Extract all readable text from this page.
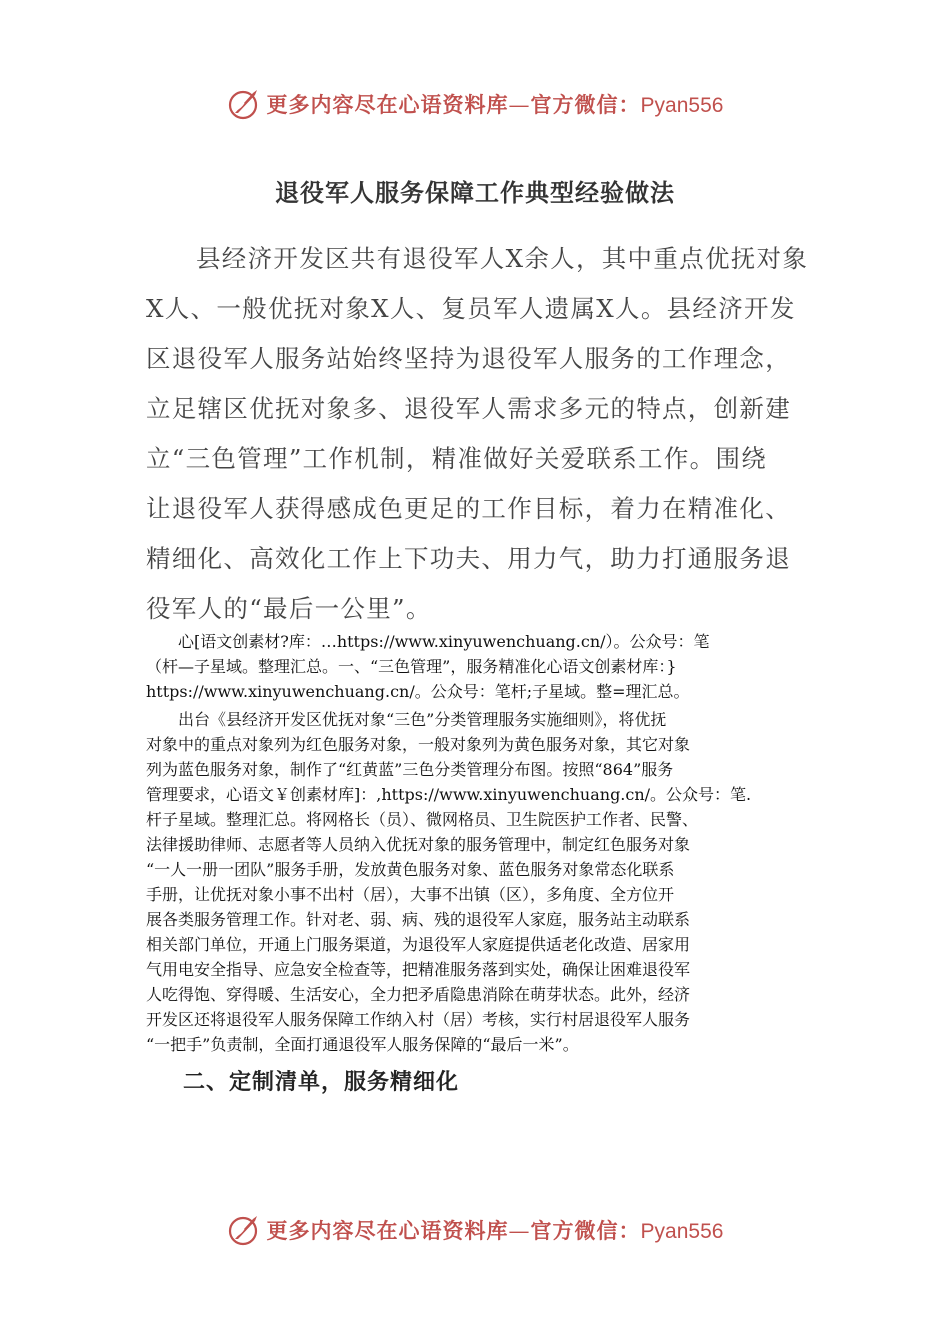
更多内容尽在心语资料库—官方微信：Pyan556
退役军人服务保障工作典型经验做法
县经济开发区共有退役军人X余人，其中重点优抚对象
X人、一般优抚对象X人、复员军人遗属X人。县经济开发
区退役军人服务站始终坚持为退役军人服务的工作理念，
立足辖区优抚对象多、退役军人需求多元的特点，创新建
立“三色管理”工作机制，精准做好关爱联系工作。围绕
让退役军人获得感成色更足的工作目标，着力在精准化、
精细化、高效化工作上下功夫、用力气，助力打通服务退
役军人的“最后一公里”。
心[语文创素材?库：…https://www.xinyuwenchuang.cn/）。公众号：笔
（杆—子星域。整理汇总。一、“三色管理”，服务精准化心语文创素材库：}
https://www.xinyuwenchuang.cn/。公众号：笔杆;子星域。整=理汇总。
出台《县经济开发区优抚对象“三色”分类管理服务实施细则》，将优抚
对象中的重点对象列为红色服务对象，一般对象列为黄色服务对象，其它对象
列为蓝色服务对象，制作了“红黄蓝”三色分类管理分布图。按照“864”服务
管理要求，心语文￥创素材库]：,https://www.xinyuwenchuang.cn/。公众号：笔.
杆子星域。整理汇总。将网格长（员）、微网格员、卫生院医护工作者、民警、
法律援助律师、志愿者等人员纳入优抚对象的服务管理中，制定红色服务对象
“一人一册一团队”服务手册，发放黄色服务对象、蓝色服务对象常态化联系
手册，让优抚对象小事不出村（居），大事不出镇（区），多角度、全方位开
展各类服务管理工作。针对老、弱、病、残的退役军人家庭，服务站主动联系
相关部门单位，开通上门服务渠道，为退役军人家庭提供适老化改造、居家用
气用电安全指导、应急安全检查等，把精准服务落到实处，确保让困难退役军
人吃得饱、穿得暖、生活安心，全力把矛盾隐患消除在萌芽状态。此外，经济
开发区还将退役军人服务保障工作纳入村（居）考核，实行村居退役军人服务
“一把手”负责制，全面打通退役军人服务保障的“最后一米”。
二、定制清单，服务精细化
更多内容尽在心语资料库—官方微信：Pyan556
